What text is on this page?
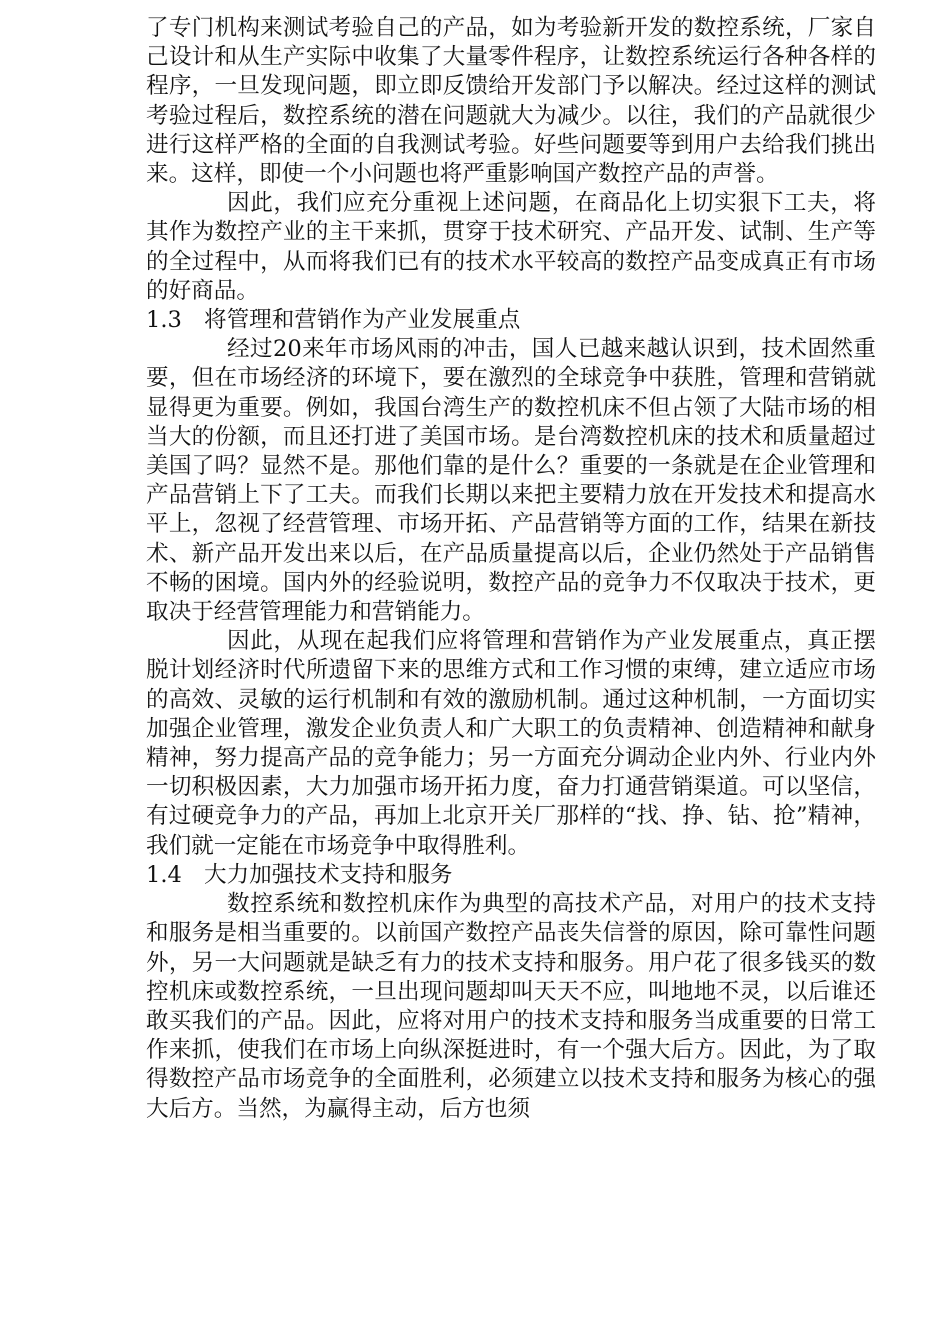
了专门机构来测试考验自己的产品，如为考验新开发的数控系统，厂家自己设计和从生产实际中收集了大量零件程序，让数控系统运行各种各样的程序，一旦发现问题，即立即反馈给开发部门予以解决。经过这样的测试考验过程后，数控系统的潜在问题就大为减少。以往，我们的产品就很少进行这样严格的全面的自我测试考验。好些问题要等到用户去给我们挑出来。这样，即使一个小问题也将严重影响国产数控产品的声誉。

因此，我们应充分重视上述问题，在商品化上切实狠下工夫，将其作为数控产业的主干来抓，贯穿于技术研究、产品开发、试制、生产等的全过程中，从而将我们已有的技术水平较高的数控产品变成真正有市场的好商品。

1.3 将管理和营销作为产业发展重点

经过20来年市场风雨的冲击，国人已越来越认识到，技术固然重要，但在市场经济的环境下，要在激烈的全球竞争中获胜，管理和营销就显得更为重要。例如，我国台湾生产的数控机床不但占领了大陆市场的相当大的份额，而且还打进了美国市场。是台湾数控机床的技术和质量超过美国了吗？显然不是。那他们靠的是什么？重要的一条就是在企业管理和产品营销上下了工夫。而我们长期以来把主要精力放在开发技术和提高水平上，忽视了经营管理、市场开拓、产品营销等方面的工作，结果在新技术、新产品开发出来以后，在产品质量提高以后，企业仍然处于产品销售不畅的困境。国内外的经验说明，数控产品的竞争力不仅取决于技术，更取决于经营管理能力和营销能力。

因此，从现在起我们应将管理和营销作为产业发展重点，真正摆脱计划经济时代所遗留下来的思维方式和工作习惯的束缚，建立适应市场的高效、灵敏的运行机制和有效的激励机制。通过这种机制，一方面切实加强企业管理，激发企业负责人和广大职工的负责精神、创造精神和献身精神，努力提高产品的竞争能力；另一方面充分调动企业内外、行业内外一切积极因素，大力加强市场开拓力度，奋力打通营销渠道。可以坚信，有过硬竞争力的产品，再加上北京开关厂那样的“找、挣、钻、抢”精神，我们就一定能在市场竞争中取得胜利。

1.4 大力加强技术支持和服务

数控系统和数控机床作为典型的高技术产品，对用户的技术支持和服务是相当重要的。以前国产数控产品丧失信誉的原因，除可靠性问题外，另一大问题就是缺乏有力的技术支持和服务。用户花了很多钱买的数控机床或数控系统，一旦出现问题却叫天天不应，叫地地不灵，以后谁还敢买我们的产品。因此，应将对用户的技术支持和服务当成重要的日常工作来抓，使我们在市场上向纵深挺进时，有一个强大后方。因此，为了取得数控产品市场竞争的全面胜利，必须建立以技术支持和服务为核心的强大后方。当然，为赢得主动，后方也须
